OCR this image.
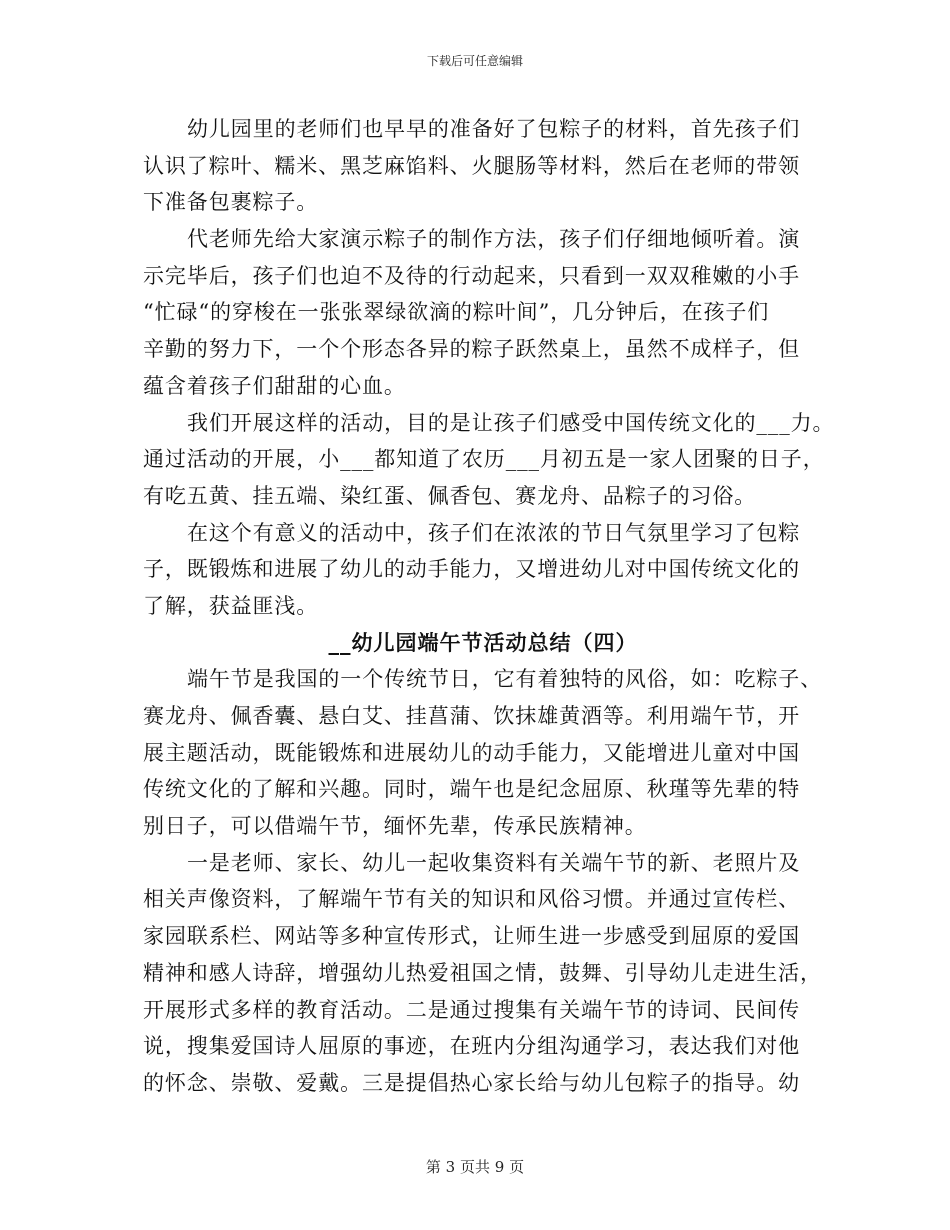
下载后可任意编辑
幼儿园里的老师们也早早的准备好了包粽子的材料，首先孩子们
认识了粽叶、糯米、黑芝麻馅料、火腿肠等材料，然后在老师的带领
下准备包裹粽子。
代老师先给大家演示粽子的制作方法，孩子们仔细地倾听着。演
示完毕后，孩子们也迫不及待的行动起来，只看到一双双稚嫩的小手
“忙碌“的穿梭在一张张翠绿欲滴的粽叶间”，几分钟后，在孩子们
辛勤的努力下，一个个形态各异的粽子跃然桌上，虽然不成样子，但
蕴含着孩子们甜甜的心血。
我们开展这样的活动，目的是让孩子们感受中国传统文化的___力。
通过活动的开展，小___都知道了农历___月初五是一家人团聚的日子，
有吃五黄、挂五端、染红蛋、佩香包、赛龙舟、品粽子的习俗。
在这个有意义的活动中，孩子们在浓浓的节日气氛里学习了包粽
子，既锻炼和进展了幼儿的动手能力，又增进幼儿对中国传统文化的
了解，获益匪浅。
__幼儿园端午节活动总结（四）
端午节是我国的一个传统节日，它有着独特的风俗，如：吃粽子、
赛龙舟、佩香囊、悬白艾、挂菖蒲、饮抹雄黄酒等。利用端午节，开
展主题活动，既能锻炼和进展幼儿的动手能力，又能增进儿童对中国
传统文化的了解和兴趣。同时，端午也是纪念屈原、秋瑾等先辈的特
别日子，可以借端午节，缅怀先辈，传承民族精神。
一是老师、家长、幼儿一起收集资料有关端午节的新、老照片及
相关声像资料，了解端午节有关的知识和风俗习惯。并通过宣传栏、
家园联系栏、网站等多种宣传形式，让师生进一步感受到屈原的爱国
精神和感人诗辞，增强幼儿热爱祖国之情，鼓舞、引导幼儿走进生活，
开展形式多样的教育活动。二是通过搜集有关端午节的诗词、民间传
说，搜集爱国诗人屈原的事迹，在班内分组沟通学习，表达我们对他
的怀念、崇敬、爱戴。三是提倡热心家长给与幼儿包粽子的指导。幼
第 3 页共 9 页
